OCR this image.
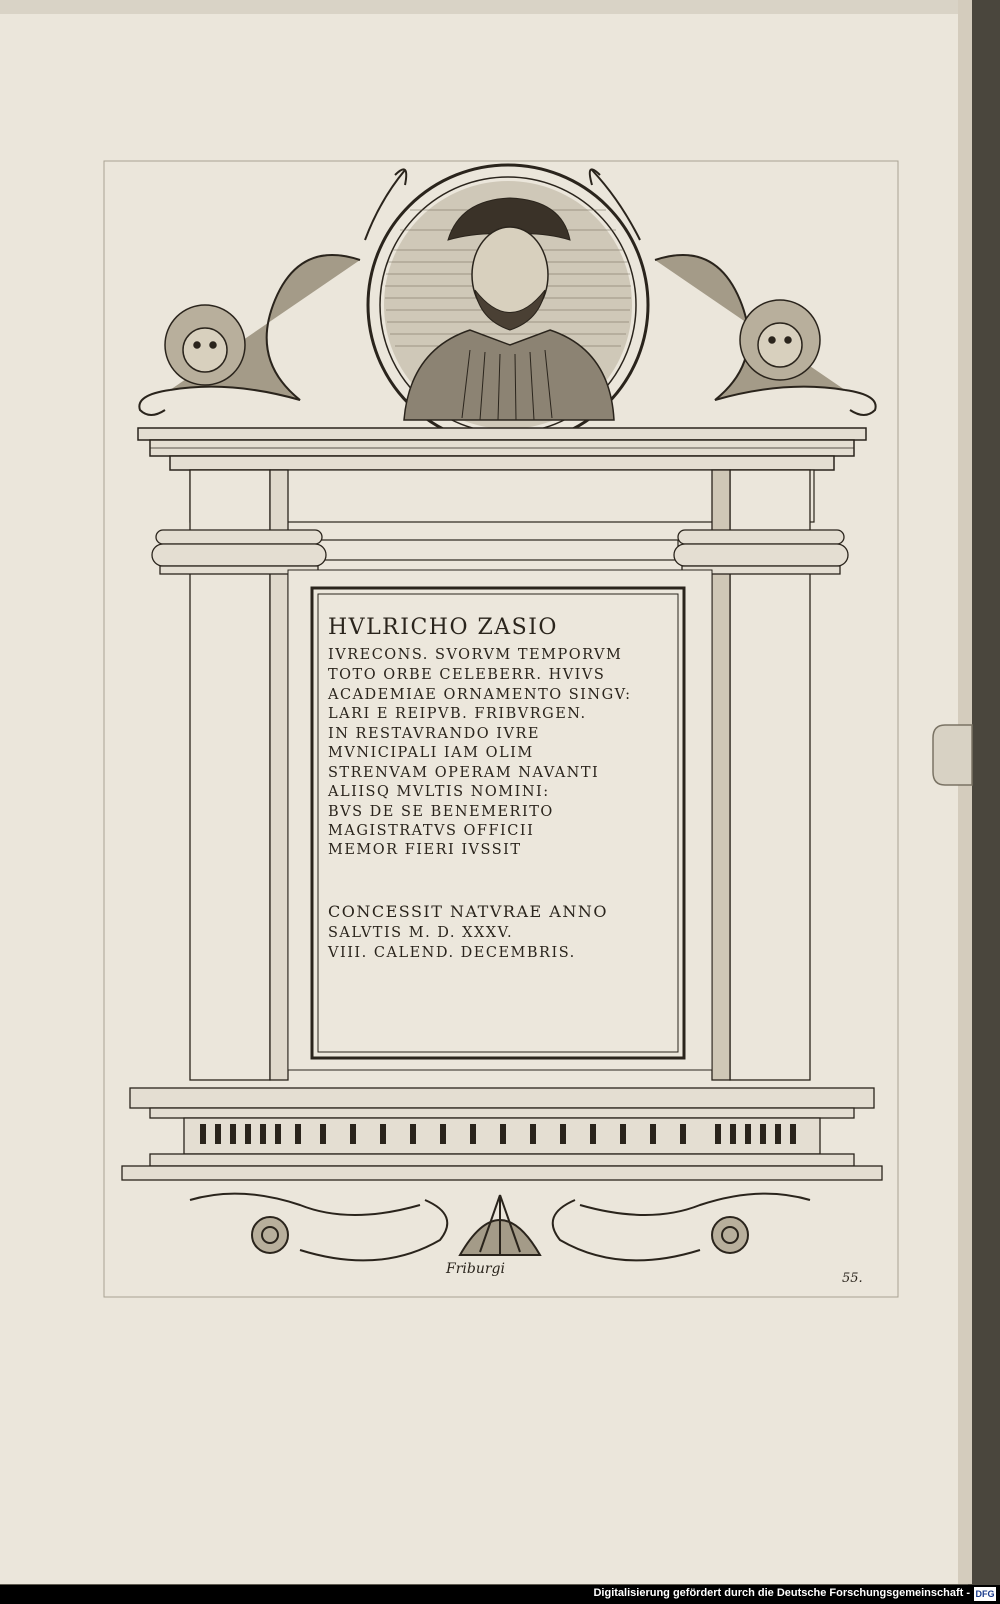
HVLRICHO ZASIO
IVRECONS. SVORVM TEMPORVM
TOTO ORBE CELEBERR. HVIVS
ACADEMIAE ORNAMENTO SINGV:
LARI E REIPVB. FRIBVRGEN.
IN RESTAVRANDO IVRE
MVNICIPALI IAM OLIM
STRENVAM OPERAM NAVANTI
ALIISQ MVLTIS NOMINI:
BVS DE SE BENEMERITO
MAGISTRATVS OFFICII
MEMOR FIERI IVSSIT
CONCESSIT NATVRAE ANNO
SALVTIS M. D. XXXV.
VIII. CALEND. DECEMBRIS.
Friburgi
55.
Digitalisierung gefördert durch die Deutsche Forschungsgemeinschaft - DFG
